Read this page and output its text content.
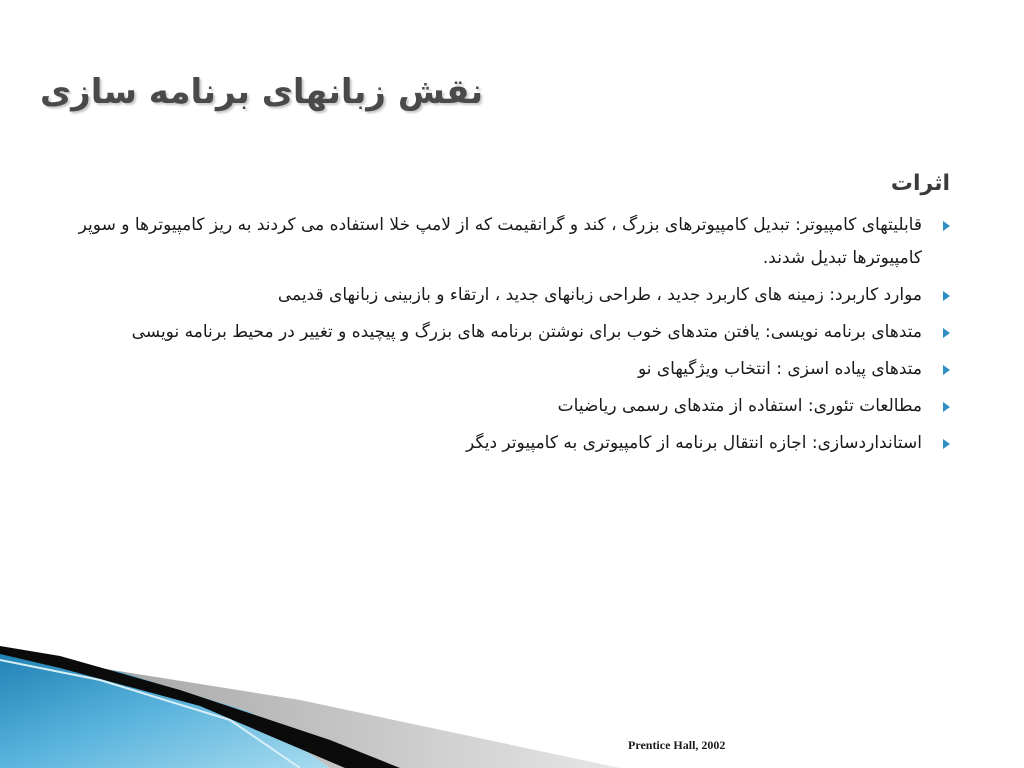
نقش زبانهای برنامه سازی
اثرات
قابلیتهای کامپیوتر: تبدیل کامپیوترهای بزرگ ، کند و گرانقیمت که از لامپ خلا استفاده می کردند به ریز کامپیوترها و سوپر کامپیوترها تبدیل شدند.
موارد کاربرد: زمینه های کاربرد جدید ، طراحی زبانهای جدید ، ارتقاء و بازبینی زبانهای قدیمی
متدهای برنامه نویسی: یافتن متدهای خوب برای نوشتن برنامه های بزرگ و پیچیده و تغییر در محیط برنامه نویسی
متدهای پیاده اسزی : انتخاب ویژگیهای نو
مطالعات تئوری: استفاده از متدهای رسمی ریاضیات
استانداردسازی: اجازه انتقال برنامه از کامپیوتری به کامپیوتر دیگر
Prentice Hall, 2002
